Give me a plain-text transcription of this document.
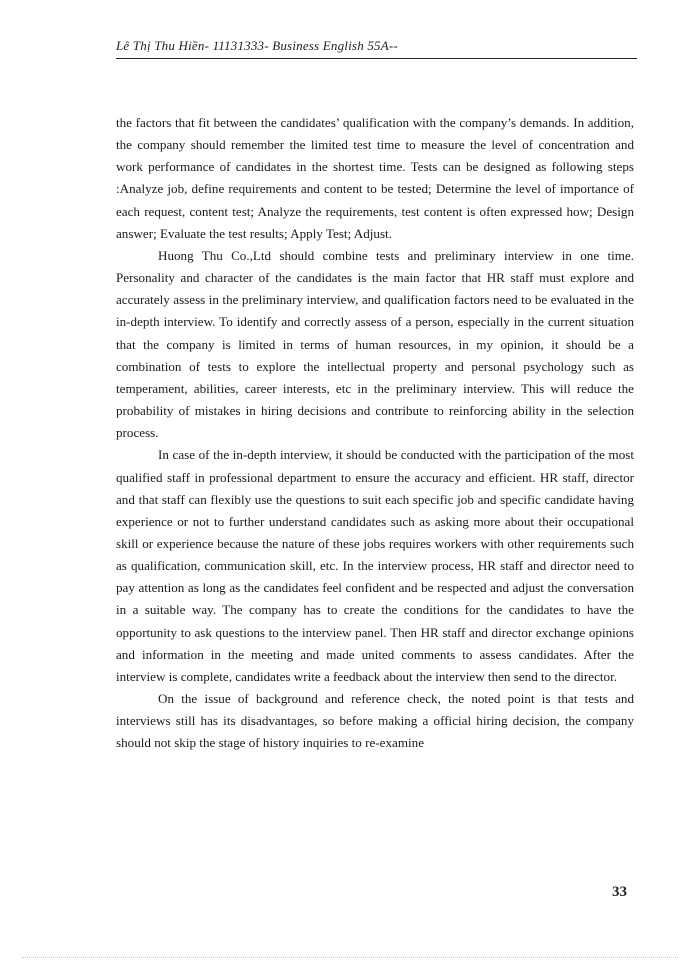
Lê Thị Thu Hiền- 11131333- Business English 55A--

the factors that fit between the candidates’ qualification with the company’s demands. In addition, the company should remember the limited test time to measure the level of concentration and work performance of candidates in the shortest time. Tests can be designed as following steps :Analyze job, define requirements and content to be tested; Determine the level of importance of each request, content test; Analyze the requirements, test content is often expressed how; Design answer; Evaluate the test results; Apply Test; Adjust.

Huong Thu Co.,Ltd should combine tests and preliminary interview in one time. Personality and character of the candidates is the main factor that HR staff must explore and accurately assess in the preliminary interview, and qualification factors need to be evaluated in the in-depth interview. To identify and correctly assess of a person, especially in the current situation that the company is limited in terms of human resources, in my opinion, it should be a combination of tests to explore the intellectual property and personal psychology such as temperament, abilities, career interests, etc in the preliminary interview. This will reduce the probability of mistakes in hiring decisions and contribute to reinforcing ability in the selection process.

In case of the in-depth interview, it should be conducted with the participation of the most qualified staff in professional department to ensure the accuracy and efficient. HR staff, director and that staff can flexibly use the questions to suit each specific job and specific candidate having experience or not to further understand candidates such as asking more about their occupational skill or experience because the nature of these jobs requires workers with other requirements such as qualification, communication skill, etc. In the interview process, HR staff and director need to pay attention as long as the candidates feel confident and be respected and adjust the conversation in a suitable way. The company has to create the conditions for the candidates to have the opportunity to ask questions to the interview panel. Then HR staff and director exchange opinions and information in the meeting and made united comments to assess candidates. After the interview is complete, candidates write a feedback about the interview then send to the director.

On the issue of background and reference check, the noted point is that tests and interviews still has its disadvantages, so before making a official hiring decision, the company should not skip the stage of history inquiries to re-examine

33
